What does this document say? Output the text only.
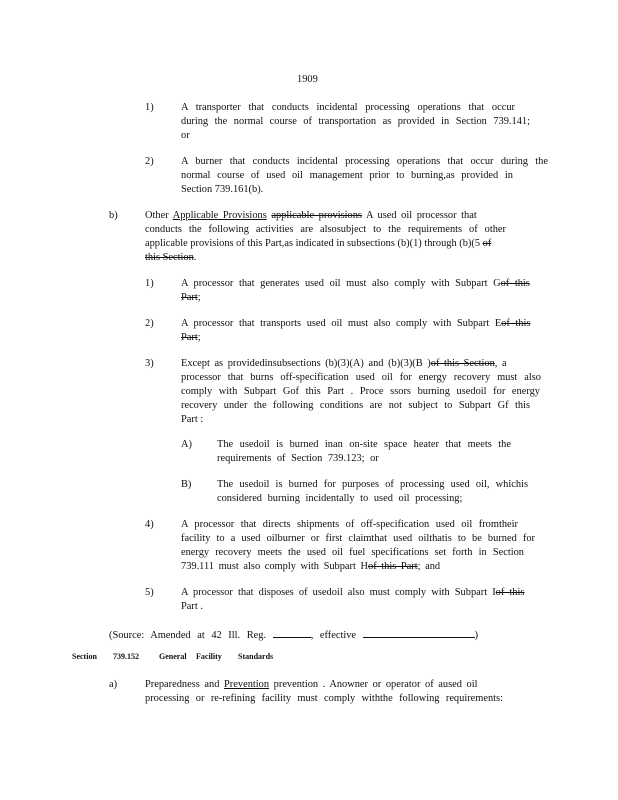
1909

1)	A transporter that conducts incidental processing operations that occur

during the normal course of transportation as provided in Section 739.141;

or

2)	A burner that conducts incidental processing operations that occur during the

normal course of used oil management prior to burning,as provided in

Section 739.161(b).

b)	Other Applicable Provisions applicable provisions A used oil processor that

conducts the following activities are alsosubject to the requirements of other

applicable provisions of this Part,as indicated in subsections (b)(1) through (b)(5 of

this Section.

1)	A processor that generates used oil must also comply with Subpart Gof this

Part;

2)	A processor that transports used oil must also comply with Subpart Eof this

Part;

3)	Except as providedinsubsections (b)(3)(A) and (b)(3)(B )of this Section, a

processor that burns off-specification used oil for energy recovery must also

comply with Subpart Gof this Part . Proce ssors burning usedoil for energy

recovery under the following conditions are not subject to Subpart Gf this

Part :

A) The usedoil is burned inan on-site space heater that meets the

requirements of Section 739.123; or

B) The usedoil is burned for purposes of processing used oil, whichis

considered burning incidentally to used oil processing;

4)	A processor that directs shipments of off-specification used oil fromtheir

facility to a used oilburner or first claimthat used oilthatis to be burned for

energy recovery meets the used oil fuel specifications set forth in Section

739.111 must also comply with Subpart Hof this Part; and

5)	A processor that disposes of usedoil also must comply with Subpart Iof this

Part .

(Source: Amended at 42 Ill. Reg.	, effective	)

Section 739.152	General Facility Standards

a)	Preparedness and Prevention prevention . Anowner or operator of aused oil

processing or re-refining facility must comply withthe following requirements:
